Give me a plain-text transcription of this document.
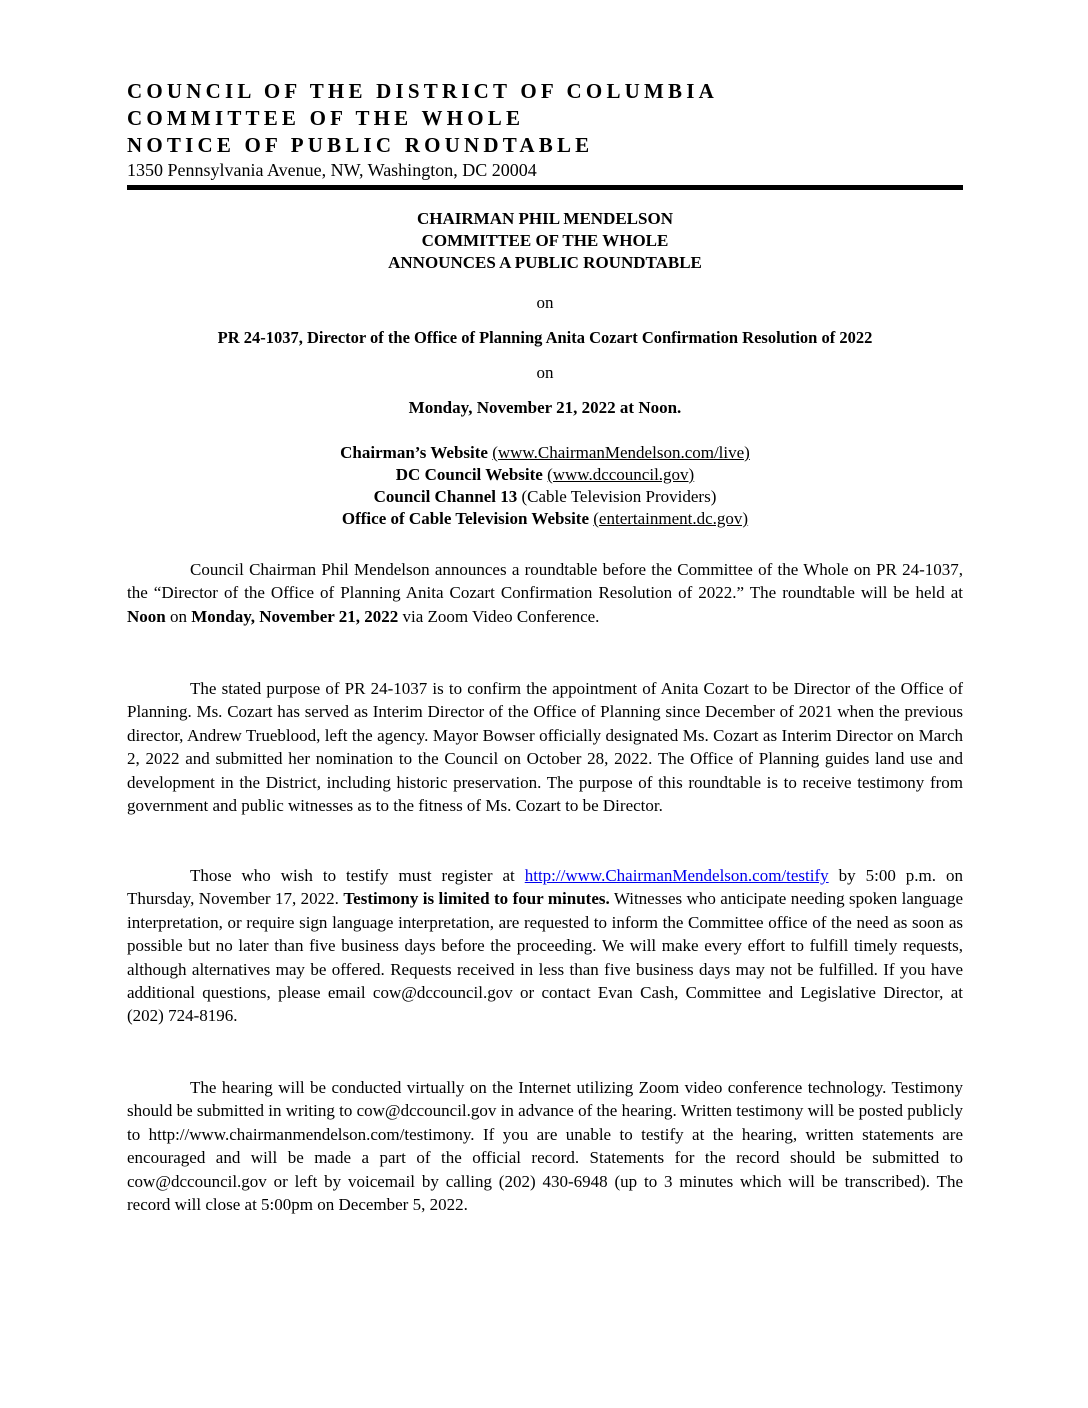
COUNCIL OF THE DISTRICT OF COLUMBIA
COMMITTEE OF THE WHOLE
NOTICE OF PUBLIC ROUNDTABLE
1350 Pennsylvania Avenue, NW, Washington, DC 20004
CHAIRMAN PHIL MENDELSON
COMMITTEE OF THE WHOLE
ANNOUNCES A PUBLIC ROUNDTABLE
on
PR 24-1037, Director of the Office of Planning Anita Cozart Confirmation Resolution of 2022
on
Monday, November 21, 2022 at Noon.
Chairman’s Website (www.ChairmanMendelson.com/live)
DC Council Website (www.dccouncil.gov)
Council Channel 13 (Cable Television Providers)
Office of Cable Television Website (entertainment.dc.gov)
Council Chairman Phil Mendelson announces a roundtable before the Committee of the Whole on PR 24-1037, the “Director of the Office of Planning Anita Cozart Confirmation Resolution of 2022.” The roundtable will be held at Noon on Monday, November 21, 2022 via Zoom Video Conference.
The stated purpose of PR 24-1037 is to confirm the appointment of Anita Cozart to be Director of the Office of Planning. Ms. Cozart has served as Interim Director of the Office of Planning since December of 2021 when the previous director, Andrew Trueblood, left the agency. Mayor Bowser officially designated Ms. Cozart as Interim Director on March 2, 2022 and submitted her nomination to the Council on October 28, 2022. The Office of Planning guides land use and development in the District, including historic preservation. The purpose of this roundtable is to receive testimony from government and public witnesses as to the fitness of Ms. Cozart to be Director.
Those who wish to testify must register at http://www.ChairmanMendelson.com/testify by 5:00 p.m. on Thursday, November 17, 2022. Testimony is limited to four minutes. Witnesses who anticipate needing spoken language interpretation, or require sign language interpretation, are requested to inform the Committee office of the need as soon as possible but no later than five business days before the proceeding. We will make every effort to fulfill timely requests, although alternatives may be offered. Requests received in less than five business days may not be fulfilled. If you have additional questions, please email cow@dccouncil.gov or contact Evan Cash, Committee and Legislative Director, at (202) 724-8196.
The hearing will be conducted virtually on the Internet utilizing Zoom video conference technology. Testimony should be submitted in writing to cow@dccouncil.gov in advance of the hearing. Written testimony will be posted publicly to http://www.chairmanmendelson.com/testimony. If you are unable to testify at the hearing, written statements are encouraged and will be made a part of the official record. Statements for the record should be submitted to cow@dccouncil.gov or left by voicemail by calling (202) 430-6948 (up to 3 minutes which will be transcribed). The record will close at 5:00pm on December 5, 2022.
